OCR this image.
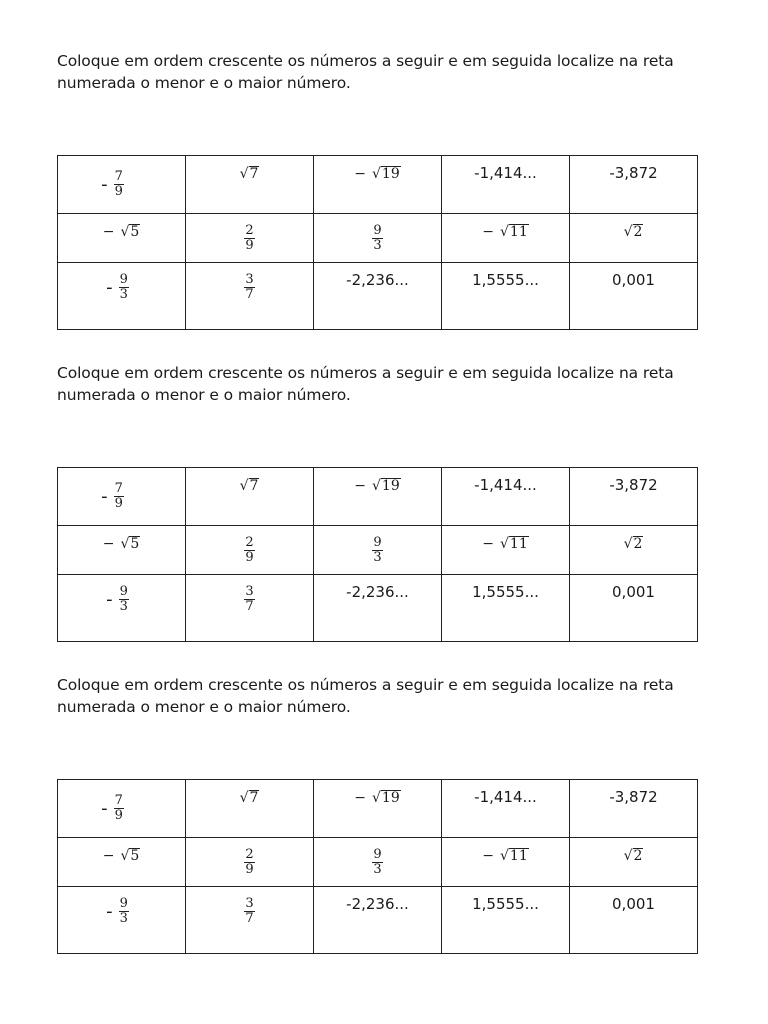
Coloque em ordem crescente os números a seguir e em seguida localize na reta numerada o menor e o maior número.

- $\frac{7}{9}$	√7	− √19	-1,414...	-3,872
− √5	$\frac{2}{9}$	$\frac{9}{3}$	− √11	√2
- $\frac{9}{3}$	$\frac{3}{7}$	-2,236...	1,5555...	0,001

Coloque em ordem crescente os números a seguir e em seguida localize na reta numerada o menor e o maior número.

- $\frac{7}{9}$	√7	− √19	-1,414...	-3,872
− √5	$\frac{2}{9}$	$\frac{9}{3}$	− √11	√2
- $\frac{9}{3}$	$\frac{3}{7}$	-2,236...	1,5555...	0,001

Coloque em ordem crescente os números a seguir e em seguida localize na reta numerada o menor e o maior número.

- $\frac{7}{9}$	√7	− √19	-1,414...	-3,872
− √5	$\frac{2}{9}$	$\frac{9}{3}$	− √11	√2
- $\frac{9}{3}$	$\frac{3}{7}$	-2,236...	1,5555...	0,001
